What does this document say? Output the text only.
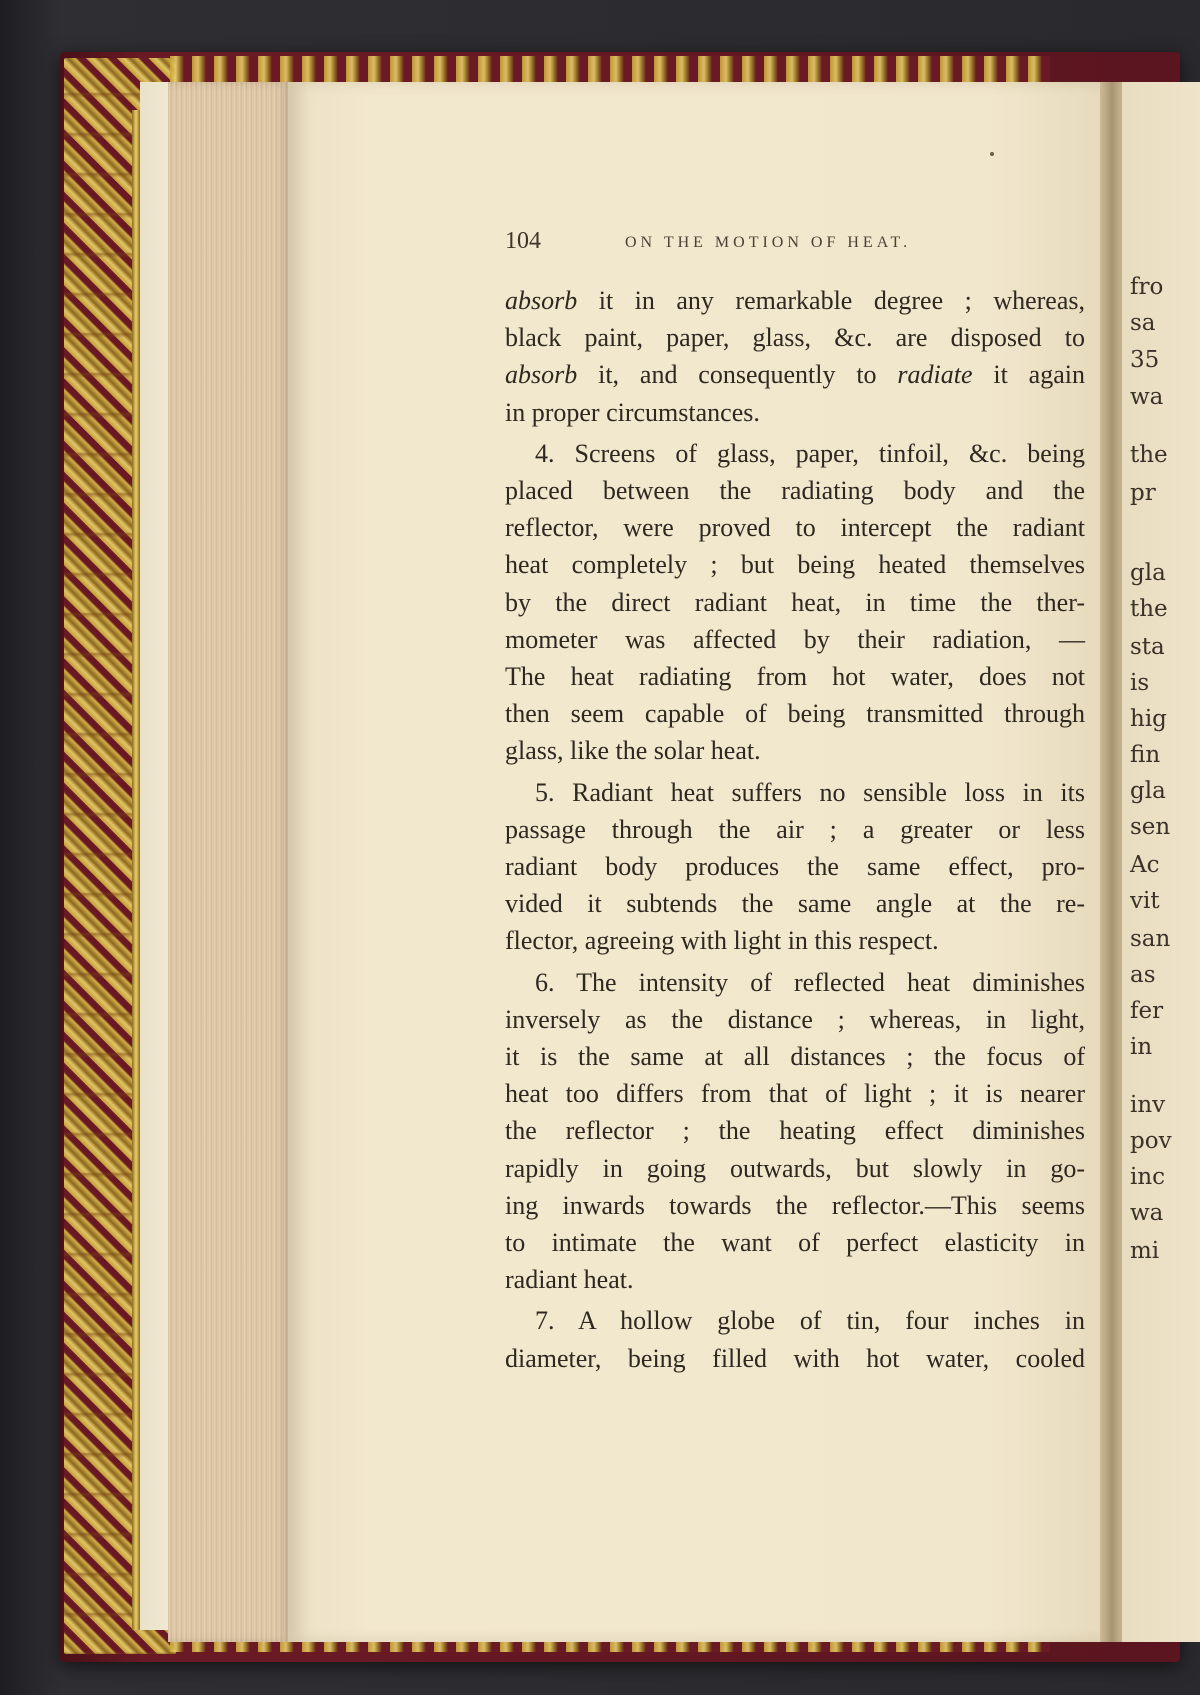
fro
sa
35
wa
the
pr
gla
the
sta
is
hig
fin
gla
sen
Ac
vit
san
as
fer
in
inv
pov
inc
wa
mi
104	ON THE MOTION OF HEAT.

absorb it in any remarkable degree ; whereas,

black paint, paper, glass, &c. are disposed to

absorb it, and consequently to radiate it again

in proper circumstances.

4. Screens of glass, paper, tinfoil, &c. being

placed between the radiating body and the

reflector, were proved to intercept the radiant

heat completely ; but being heated themselves

by the direct radiant heat, in time the ther-

mometer was affected by their radiation, —

The heat radiating from hot water, does not

then seem capable of being transmitted through

glass, like the solar heat.

5. Radiant heat suffers no sensible loss in its

passage through the air ; a greater or less

radiant body produces the same effect, pro-

vided it subtends the same angle at the re-

flector, agreeing with light in this respect.

6. The intensity of reflected heat diminishes

inversely as the distance ; whereas, in light,

it is the same at all distances ; the focus of

heat too differs from that of light ; it is nearer

the reflector ; the heating effect diminishes

rapidly in going outwards, but slowly in go-

ing inwards towards the reflector.—This seems

to intimate the want of perfect elasticity in

radiant heat.

7. A hollow globe of tin, four inches in

diameter, being filled with hot water, cooled
